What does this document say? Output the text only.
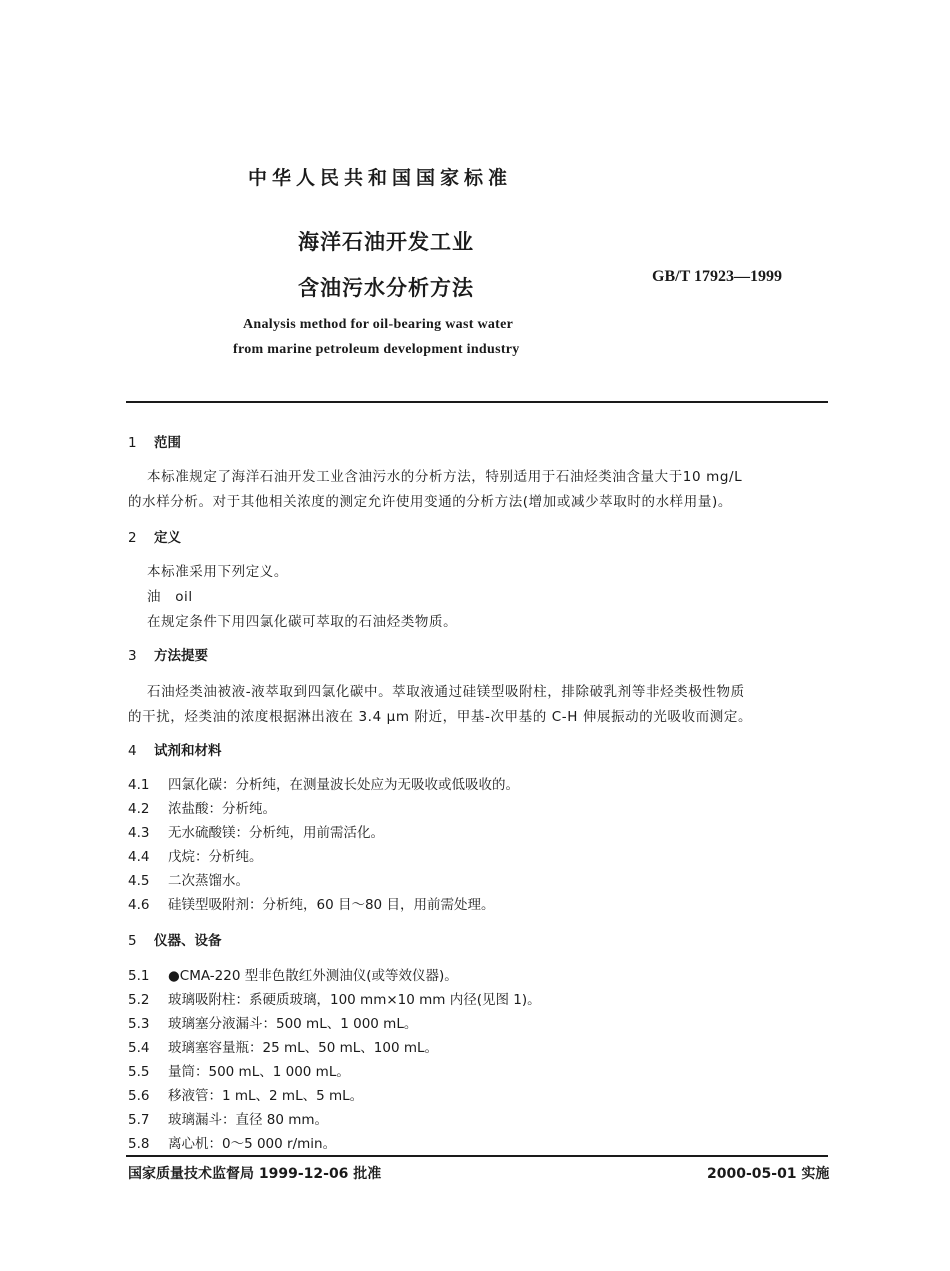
中华人民共和国国家标准
海洋石油开发工业
含油污水分析方法	GB/T 17923—1999
Analysis method for oil-bearing wast water
from marine petroleum development industry
1 范围
本标准规定了海洋石油开发工业含油污水的分析方法，特别适用于石油烃类油含量大于10 mg/L
的水样分析。对于其他相关浓度的测定允许使用变通的分析方法(增加或减少萃取时的水样用量)。
2 定义
本标准采用下列定义。
油　oil
在规定条件下用四氯化碳可萃取的石油烃类物质。
3 方法提要
石油烃类油被液-液萃取到四氯化碳中。萃取液通过硅镁型吸附柱，排除破乳剂等非烃类极性物质
的干扰，烃类油的浓度根据淋出液在 3.4 μm 附近，甲基-次甲基的 C-H 伸展振动的光吸收而测定。
4 试剂和材料
4.1 四氯化碳：分析纯，在测量波长处应为无吸收或低吸收的。
4.2 浓盐酸：分析纯。
4.3 无水硫酸镁：分析纯，用前需活化。
4.4 戊烷：分析纯。
4.5 二次蒸馏水。
4.6 硅镁型吸附剂：分析纯，60 目～80 目，用前需处理。
5 仪器、设备
5.1 ●CMA-220 型非色散红外测油仪(或等效仪器)。
5.2 玻璃吸附柱：系硬质玻璃，100 mm×10 mm 内径(见图 1)。
5.3 玻璃塞分液漏斗：500 mL、1 000 mL。
5.4 玻璃塞容量瓶：25 mL、50 mL、100 mL。
5.5 量筒：500 mL、1 000 mL。
5.6 移液管：1 mL、2 mL、5 mL。
5.7 玻璃漏斗：直径 80 mm。
5.8 离心机：0～5 000 r/min。
国家质量技术监督局 1999-12-06 批准	2000-05-01 实施
